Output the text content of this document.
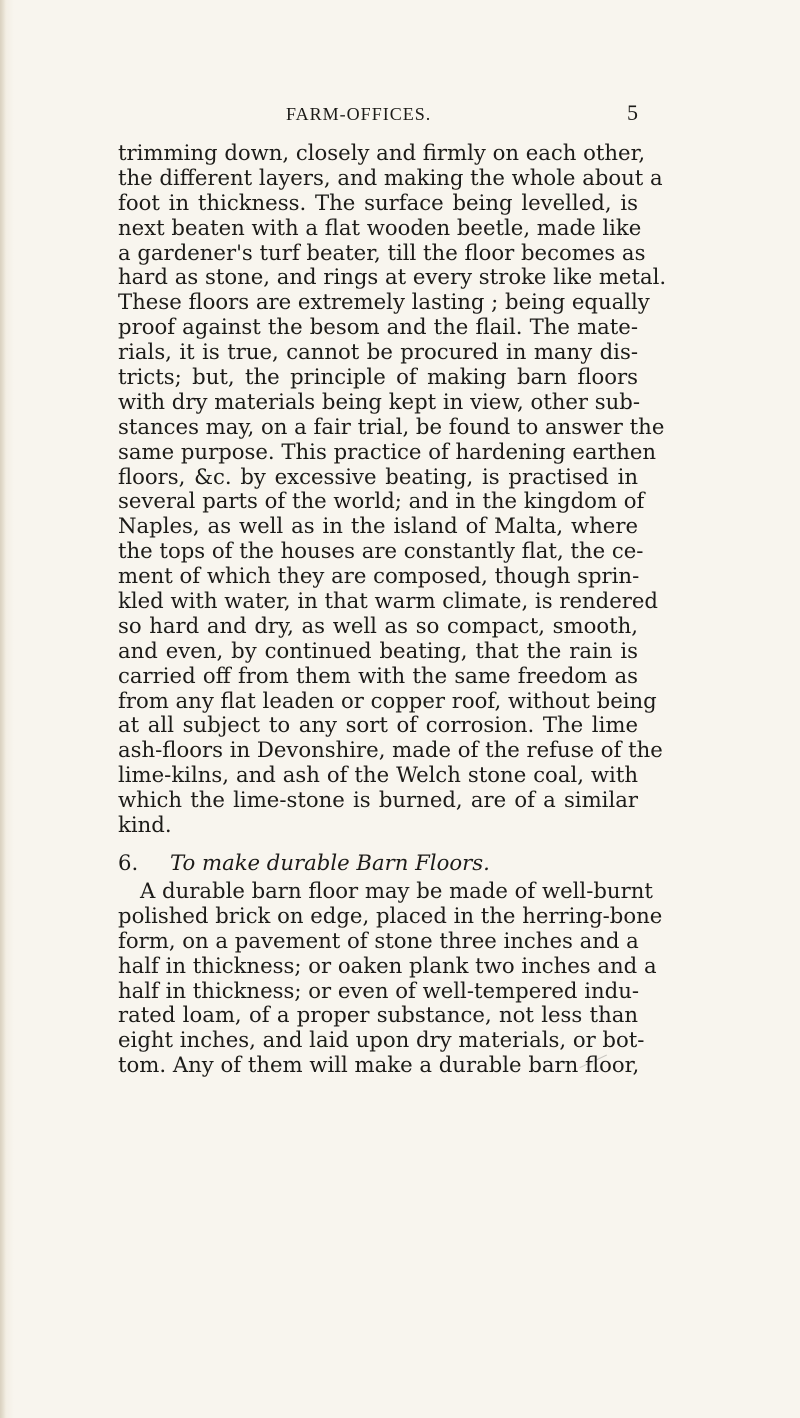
FARM-OFFICES.	5
trimming down, closely and firmly on each other,
the different layers, and making the whole about a
foot in thickness. The surface being levelled, is
next beaten with a flat wooden beetle, made like
a gardener's turf beater, till the floor becomes as
hard as stone, and rings at every stroke like metal.
These floors are extremely lasting ; being equally
proof against the besom and the flail. The mate-
rials, it is true, cannot be procured in many dis-
tricts; but, the principle of making barn floors
with dry materials being kept in view, other sub-
stances may, on a fair trial, be found to answer the
same purpose. This practice of hardening earthen
floors, &c. by excessive beating, is practised in
several parts of the world; and in the kingdom of
Naples, as well as in the island of Malta, where
the tops of the houses are constantly flat, the ce-
ment of which they are composed, though sprin-
kled with water, in that warm climate, is rendered
so hard and dry, as well as so compact, smooth,
and even, by continued beating, that the rain is
carried off from them with the same freedom as
from any flat leaden or copper roof, without being
at all subject to any sort of corrosion. The lime
ash-floors in Devonshire, made of the refuse of the
lime-kilns, and ash of the Welch stone coal, with
which the lime-stone is burned, are of a similar
kind.
6. To make durable Barn Floors.
A durable barn floor may be made of well-burnt
polished brick on edge, placed in the herring-bone
form, on a pavement of stone three inches and a
half in thickness; or oaken plank two inches and a
half in thickness; or even of well-tempered indu-
rated loam, of a proper substance, not less than
eight inches, and laid upon dry materials, or bot-
tom. Any of them will make a durable barn floor,
